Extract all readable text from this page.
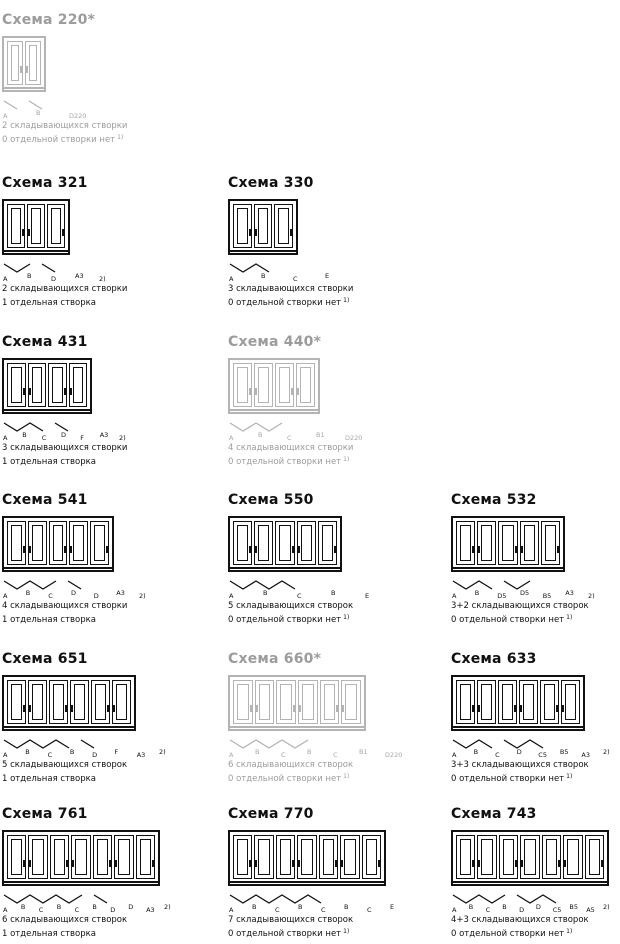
Схема 220*
A	B	D220
2 складывающихся створки
0 отдельной створки нет $^{1)}$
Схема 321
A	B	D	A3 2)
2 складывающихся створки
1 отдельная створка
Схема 330
A	B	C	E
3 складывающихся створки
0 отдельной створки нет $^{1)}$
Схема 431
A B C D F A3 2)
3 складывающихся створки
1 отдельная створка
Схема 440*
A	B	C	B1	D220
4 складывающихся створки
0 отдельной створки нет $^{1)}$
Схема 541
A	B	C	D	D	A3 2)
4 складывающихся створки
1 отдельная створка
Схема 550
A	B	C	B	E
5 складывающихся створок
0 отдельной створки нет $^{1)}$
Схема 532
A	B	D5 D5 B5 A3 2)
3+2 складывающихся створок
0 отдельной створки нет $^{1)}$
Схема 651
A	B	C	B	D	F	A3 2)
5 складывающихся створок
1 отдельная створка
Схема 660*
A	B	C	B	C	B1	D220
6 складывающихся створок
0 отдельной створки нет $^{1)}$
Схема 633
A	B	C	D	C5 B5 A3 2)
3+3 складывающихся створок
0 отдельной створки нет $^{1)}$
Схема 761
A B C B C B D D A3 2)
6 складывающихся створок
1 отдельная створка
Схема 770
A	B	C	B	C	B	C	E
7 складывающихся створок
0 отдельной створки нет $^{1)}$
Схема 743
A B C B D D C5 B5 A5 2)
4+3 складывающихся створок
0 отдельной створки нет $^{1)}$
